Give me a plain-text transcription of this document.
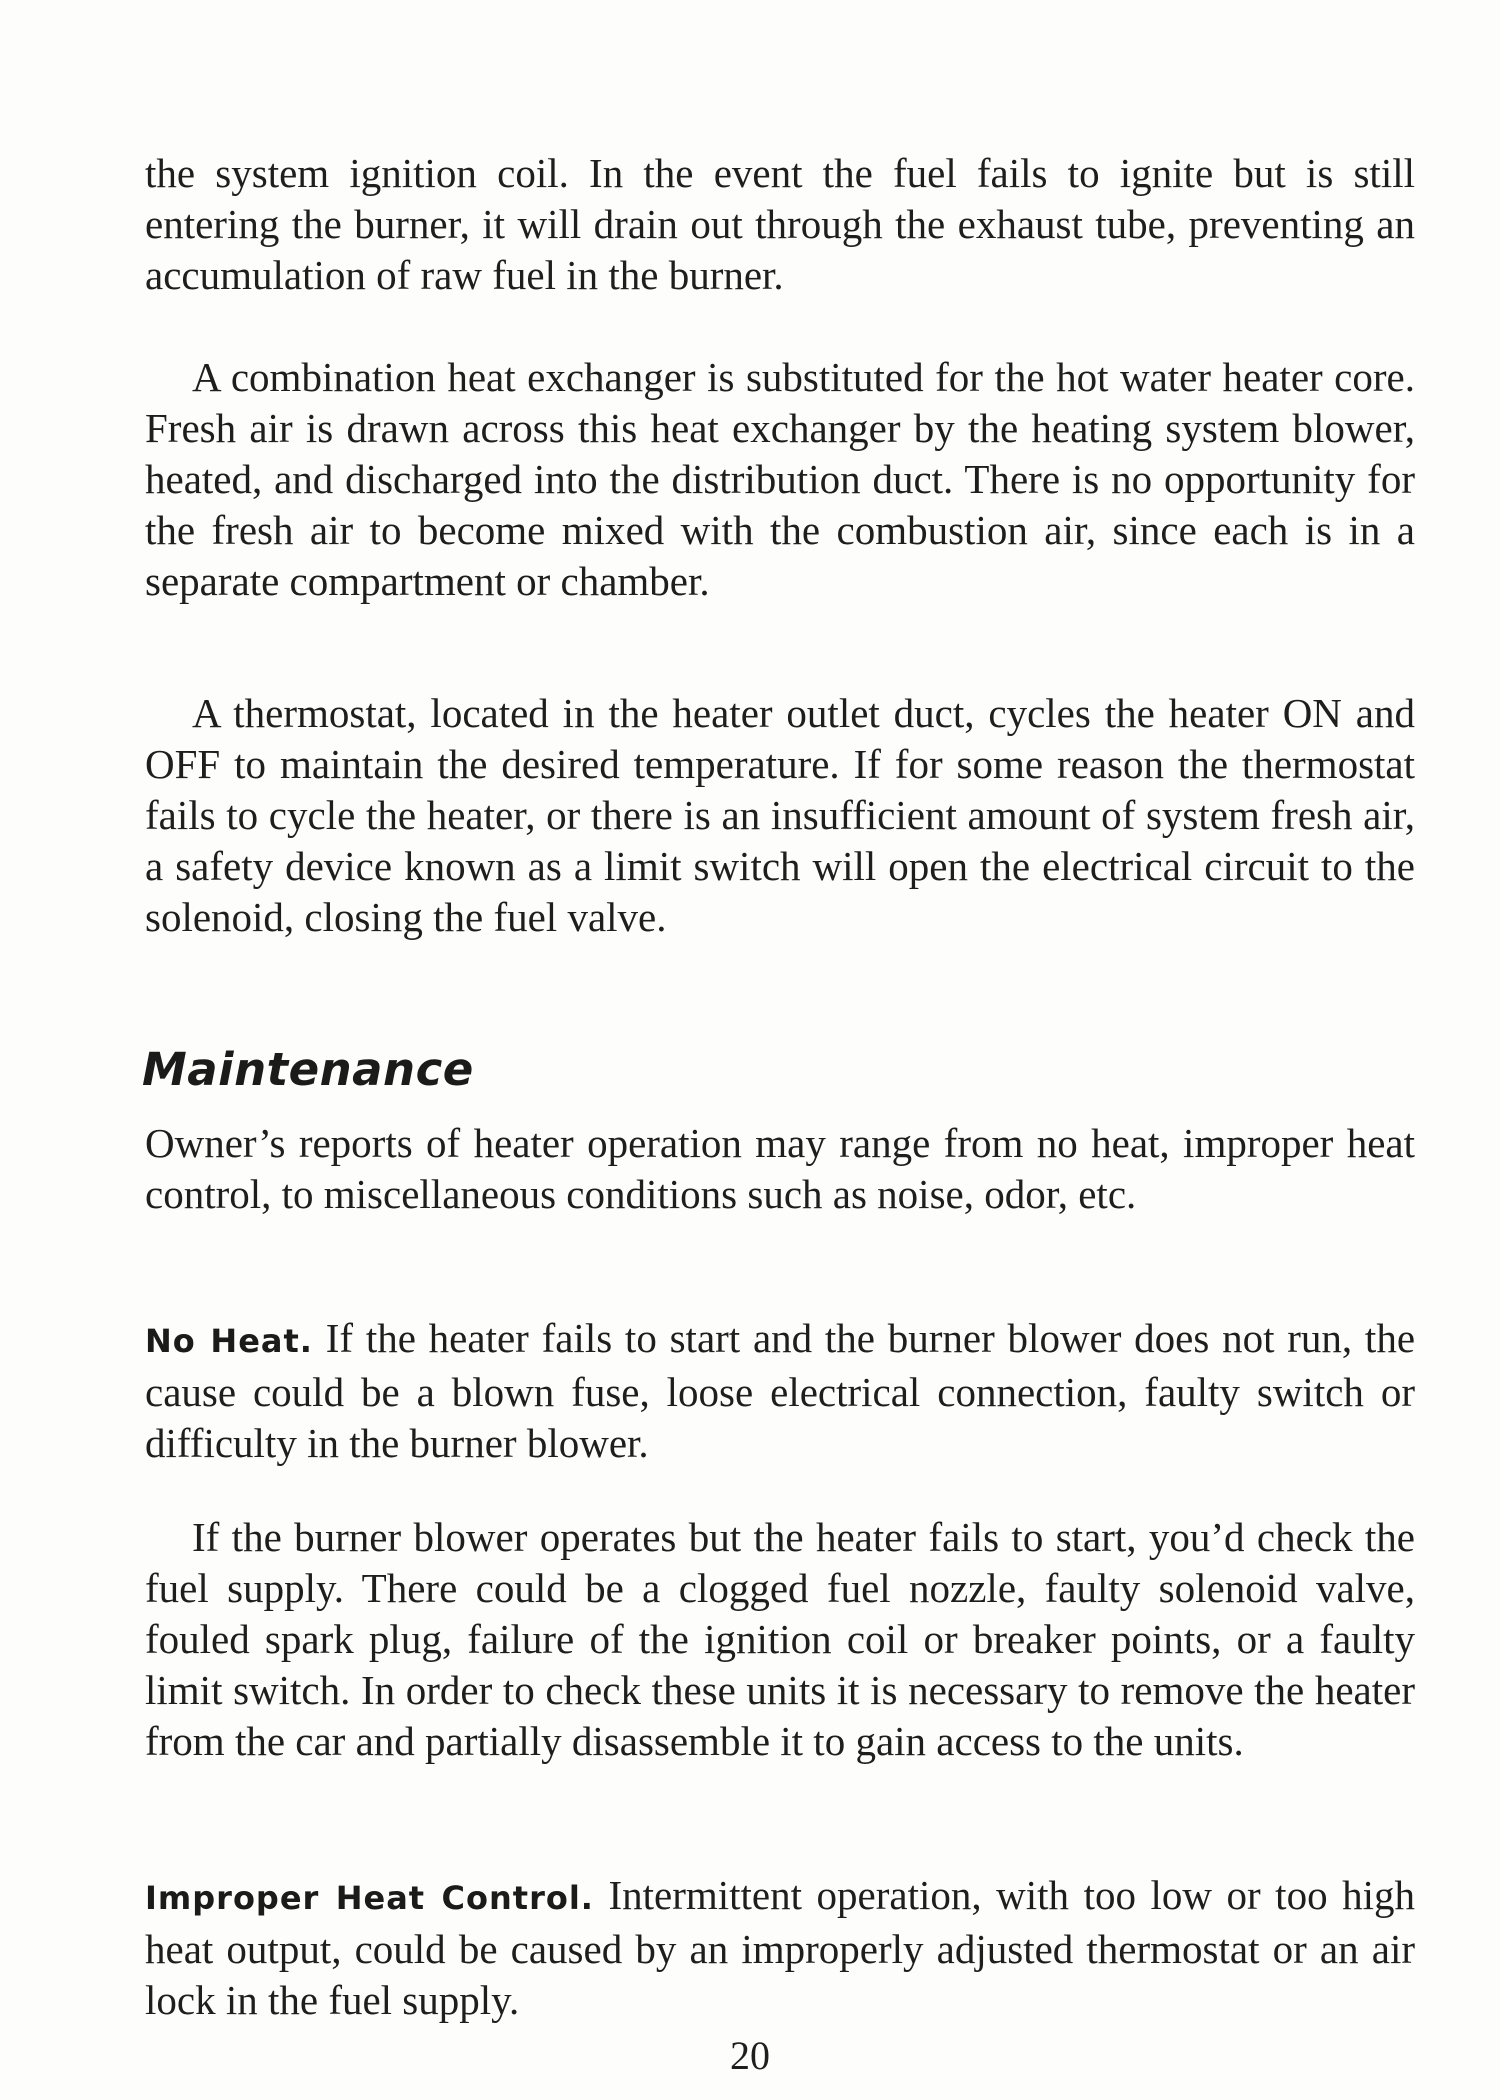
the system ignition coil. In the event the fuel fails to ignite but is still entering the burner, it will drain out through the exhaust tube, preventing an accumulation of raw fuel in the burner.

A combination heat exchanger is substituted for the hot water heater core. Fresh air is drawn across this heat exchanger by the heating system blower, heated, and discharged into the distribution duct. There is no opportunity for the fresh air to become mixed with the combustion air, since each is in a separate compartment or chamber.

A thermostat, located in the heater outlet duct, cycles the heater ON and OFF to maintain the desired temperature. If for some reason the thermostat fails to cycle the heater, or there is an insufficient amount of system fresh air, a safety device known as a limit switch will open the electrical circuit to the solenoid, closing the fuel valve.

Maintenance

Owner’s reports of heater operation may range from no heat, improper heat control, to miscellaneous conditions such as noise, odor, etc.

No Heat. If the heater fails to start and the burner blower does not run, the cause could be a blown fuse, loose electrical connection, faulty switch or difficulty in the burner blower.

If the burner blower operates but the heater fails to start, you’d check the fuel supply. There could be a clogged fuel nozzle, faulty solenoid valve, fouled spark plug, failure of the ignition coil or breaker points, or a faulty limit switch. In order to check these units it is necessary to remove the heater from the car and partially disassemble it to gain access to the units.

Improper Heat Control. Intermittent operation, with too low or too high heat output, could be caused by an improperly adjusted thermostat or an air lock in the fuel supply.

20
